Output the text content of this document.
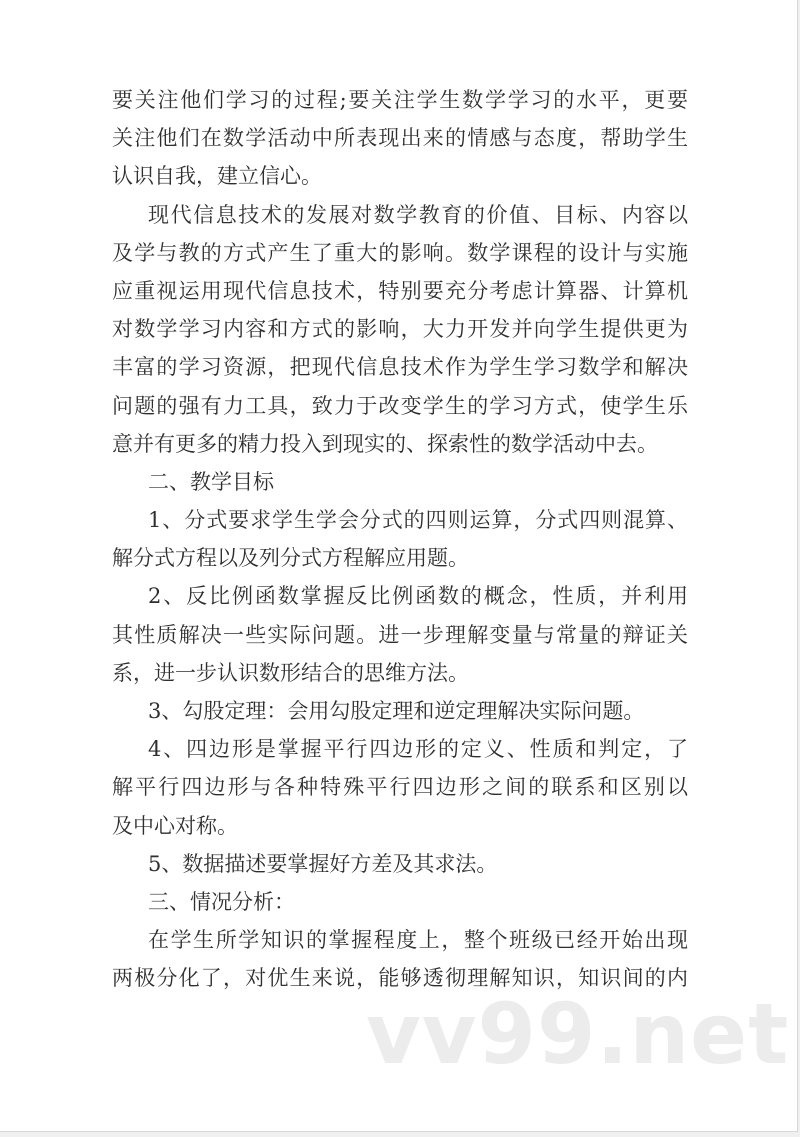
要关注他们学习的过程;要关注学生数学学习的水平，更要
关注他们在数学活动中所表现出来的情感与态度，帮助学生
认识自我，建立信心。
现代信息技术的发展对数学教育的价值、目标、内容以
及学与教的方式产生了重大的影响。数学课程的设计与实施
应重视运用现代信息技术，特别要充分考虑计算器、计算机
对数学学习内容和方式的影响，大力开发并向学生提供更为
丰富的学习资源，把现代信息技术作为学生学习数学和解决
问题的强有力工具，致力于改变学生的学习方式，使学生乐
意并有更多的精力投入到现实的、探索性的数学活动中去。
二、教学目标
1、分式要求学生学会分式的四则运算，分式四则混算、
解分式方程以及列分式方程解应用题。
2、反比例函数掌握反比例函数的概念，性质，并利用
其性质解决一些实际问题。进一步理解变量与常量的辩证关
系，进一步认识数形结合的思维方法。
3、勾股定理：会用勾股定理和逆定理解决实际问题。
4、四边形是掌握平行四边形的定义、性质和判定，了
解平行四边形与各种特殊平行四边形之间的联系和区别以
及中心对称。
5、数据描述要掌握好方差及其求法。
三、情况分析：
在学生所学知识的掌握程度上，整个班级已经开始出现
两极分化了，对优生来说，能够透彻理解知识，知识间的内
vv99.net
